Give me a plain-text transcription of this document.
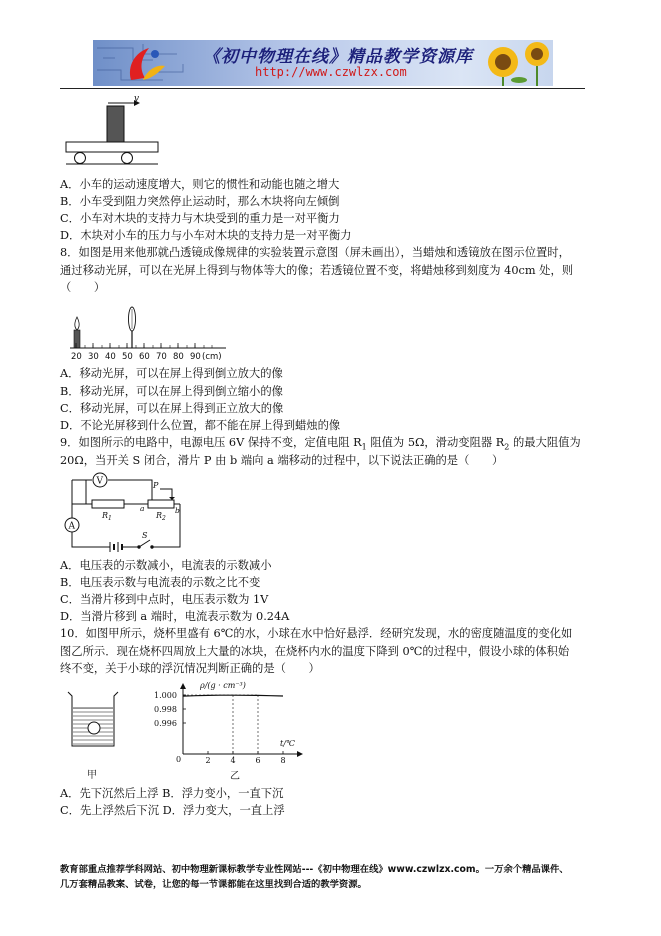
《初中物理在线》精品教学资源库
http://www.czwlzx.com
v
A．小车的运动速度增大，则它的惯性和动能也随之增大
B．小车受到阻力突然停止运动时，那么木块将向左倾倒
C．小车对木块的支持力与木块受到的重力是一对平衡力
D．木块对小车的压力与小车对木块的支持力是一对平衡力
8．如图是用来他那就凸透镜成像规律的实验装置示意图（屏未画出），当蜡烛和透镜放在图示位置时，
通过移动光屏，可以在光屏上得到与物体等大的像；若透镜位置不变，将蜡烛移到刻度为 40cm 处，则
（　　）
20 30 40 50 60 70 80 90 (cm)
A．移动光屏，可以在屏上得到倒立放大的像
B．移动光屏，可以在屏上得到倒立缩小的像
C．移动光屏，可以在屏上得到正立放大的像
D．不论光屏移到什么位置，都不能在屏上得到蜡烛的像
9．如图所示的电路中，电源电压 6V 保持不变，定值电阻 $R_1$ 阻值为 5Ω，滑动变阻器 $R_2$ 的最大阻值为
20Ω，当开关 S 闭合，滑片 P 由 b 端向 a 端移动的过程中，以下说法正确的是（　　）
V
A
$R_1$	$R_2$
P
a	b
S
A．电压表的示数减小，电流表的示数减小
B．电压表示数与电流表的示数之比不变
C．当滑片移到中点时，电压表示数为 1V
D．当滑片移到 a 端时，电流表示数为 0.24A
10．如图甲所示，烧杯里盛有 6℃的水，小球在水中恰好悬浮．经研究发现，水的密度随温度的变化如
图乙所示．现在烧杯四周放上大量的冰块，在烧杯内水的温度下降到 0℃的过程中，假设小球的体积始
终不变，关于小球的浮沉情况判断正确的是（　　）
甲
1.000
0.998
0.996
2 4 6 8
ρ/(g · cm⁻³)
t/℃
0
乙
A．先下沉然后上浮 B．浮力变小，一直下沉
C．先上浮然后下沉 D．浮力变大，一直上浮
教育部重点推荐学科网站、初中物理新课标教学专业性网站---《初中物理在线》www.czwlzx.com。一万余个精品课件、
几万套精品教案、试卷，让您的每一节课都能在这里找到合适的教学资源。
